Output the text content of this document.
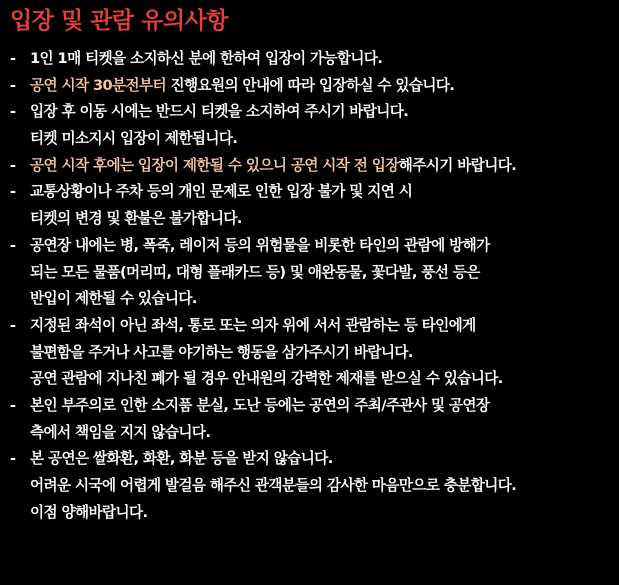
입장 및 관람 유의사항
- 1인 1매 티켓을 소지하신 분에 한하여 입장이 가능합니다.
- 공연 시작 30분전부터 진행요원의 안내에 따라 입장하실 수 있습니다.
- 입장 후 이동 시에는 반드시 티켓을 소지하여 주시기 바랍니다.
티켓 미소지시 입장이 제한됩니다.
- 공연 시작 후에는 입장이 제한될 수 있으니 공연 시작 전 입장해주시기 바랍니다.
- 교통상황이나 주차 등의 개인 문제로 인한 입장 불가 및 지연 시
티켓의 변경 및 환불은 불가합니다.
- 공연장 내에는 병, 폭죽, 레이저 등의 위험물을 비롯한 타인의 관람에 방해가
되는 모든 물품(머리띠, 대형 플래카드 등) 및 애완동물, 꽃다발, 풍선 등은
반입이 제한될 수 있습니다.
- 지정된 좌석이 아닌 좌석, 통로 또는 의자 위에 서서 관람하는 등 타인에게
불편함을 주거나 사고를 야기하는 행동을 삼가주시기 바랍니다.
공연 관람에 지나친 폐가 될 경우 안내원의 강력한 제재를 받으실 수 있습니다.
- 본인 부주의로 인한 소지품 분실, 도난 등에는 공연의 주최/주관사 및 공연장
측에서 책임을 지지 않습니다.
- 본 공연은 쌀화환, 화환, 화분 등을 받지 않습니다.
어려운 시국에 어렵게 발걸음 해주신 관객분들의 감사한 마음만으로 충분합니다.
이점 양해바랍니다.
